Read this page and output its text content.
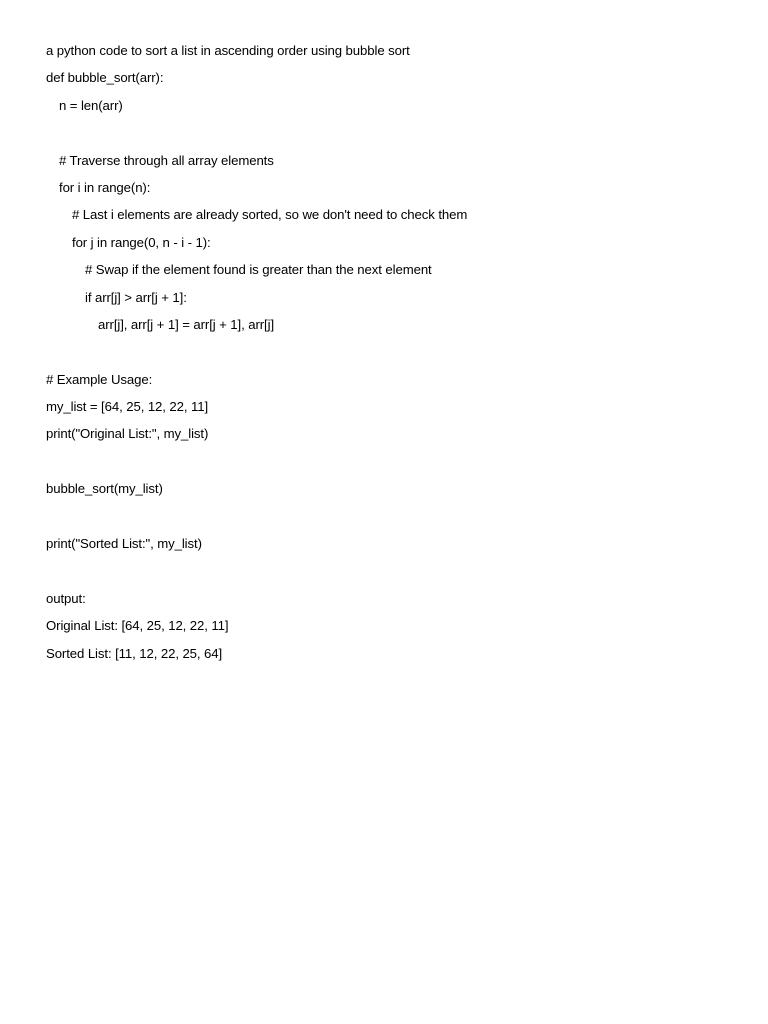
a python code to sort a list in ascending order using bubble sort
def bubble_sort(arr):
n = len(arr)
# Traverse through all array elements
for i in range(n):
# Last i elements are already sorted, so we don't need to check them
for j in range(0, n - i - 1):
# Swap if the element found is greater than the next element
if arr[j] > arr[j + 1]:
arr[j], arr[j + 1] = arr[j + 1], arr[j]
# Example Usage:
my_list = [64, 25, 12, 22, 11]
print("Original List:", my_list)
bubble_sort(my_list)
print("Sorted List:", my_list)
output:
Original List: [64, 25, 12, 22, 11]
Sorted List: [11, 12, 22, 25, 64]
